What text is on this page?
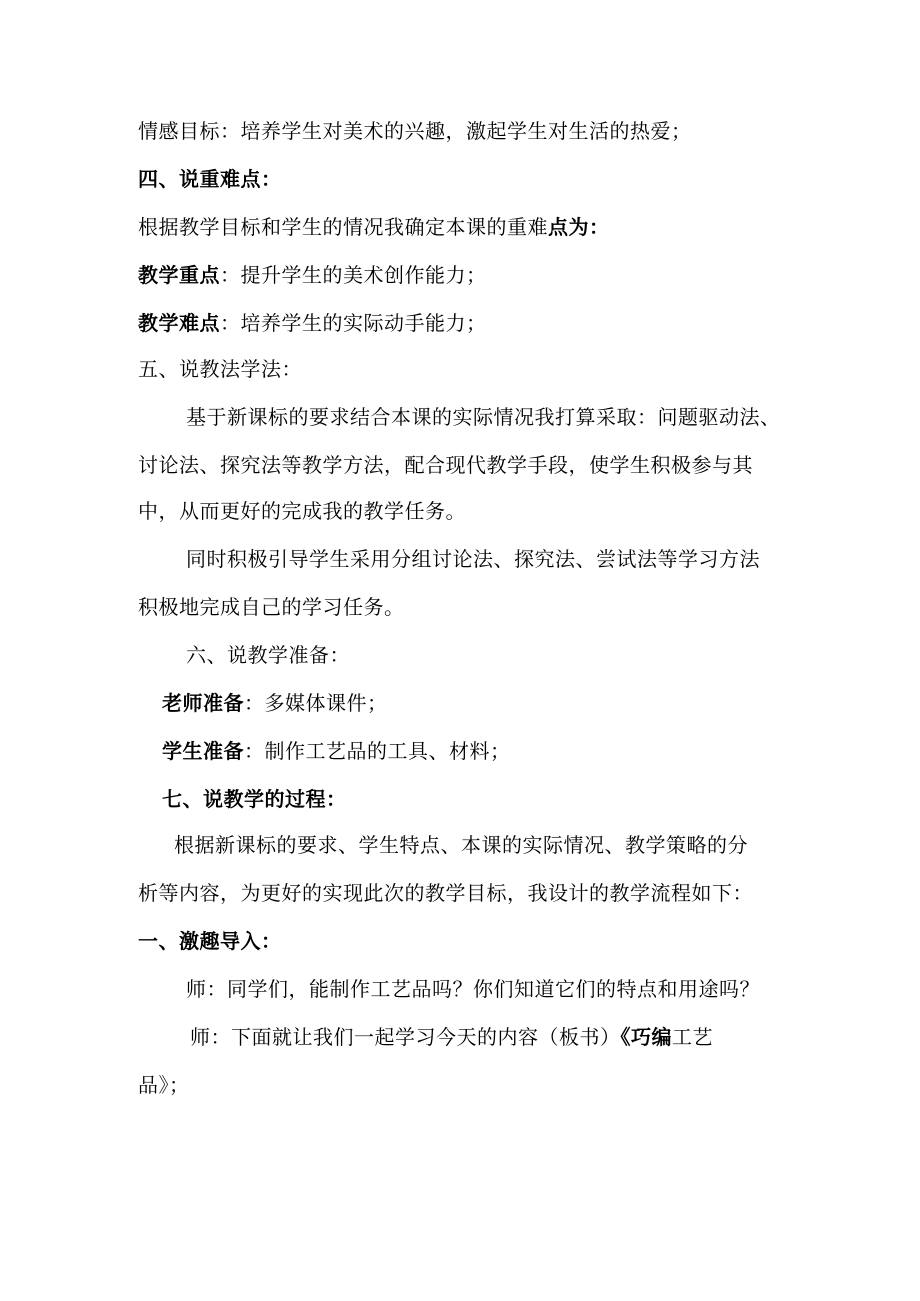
情感目标：培养学生对美术的兴趣，激起学生对生活的热爱；
四、说重难点：
根据教学目标和学生的情况我确定本课的重难点为：
教学重点：提升学生的美术创作能力；
教学难点：培养学生的实际动手能力；
五、说教法学法：
基于新课标的要求结合本课的实际情况我打算采取：问题驱动法、
讨论法、探究法等教学方法，配合现代教学手段，使学生积极参与其
中，从而更好的完成我的教学任务。
同时积极引导学生采用分组讨论法、探究法、尝试法等学习方法
积极地完成自己的学习任务。
六、说教学准备：
老师准备：多媒体课件；
学生准备：制作工艺品的工具、材料；
七、说教学的过程：
根据新课标的要求、学生特点、本课的实际情况、教学策略的分
析等内容，为更好的实现此次的教学目标，我设计的教学流程如下：
一、激趣导入：
师：同学们，能制作工艺品吗？你们知道它们的特点和用途吗？
师：下面就让我们一起学习今天的内容（板书）《巧编工艺
品》；
